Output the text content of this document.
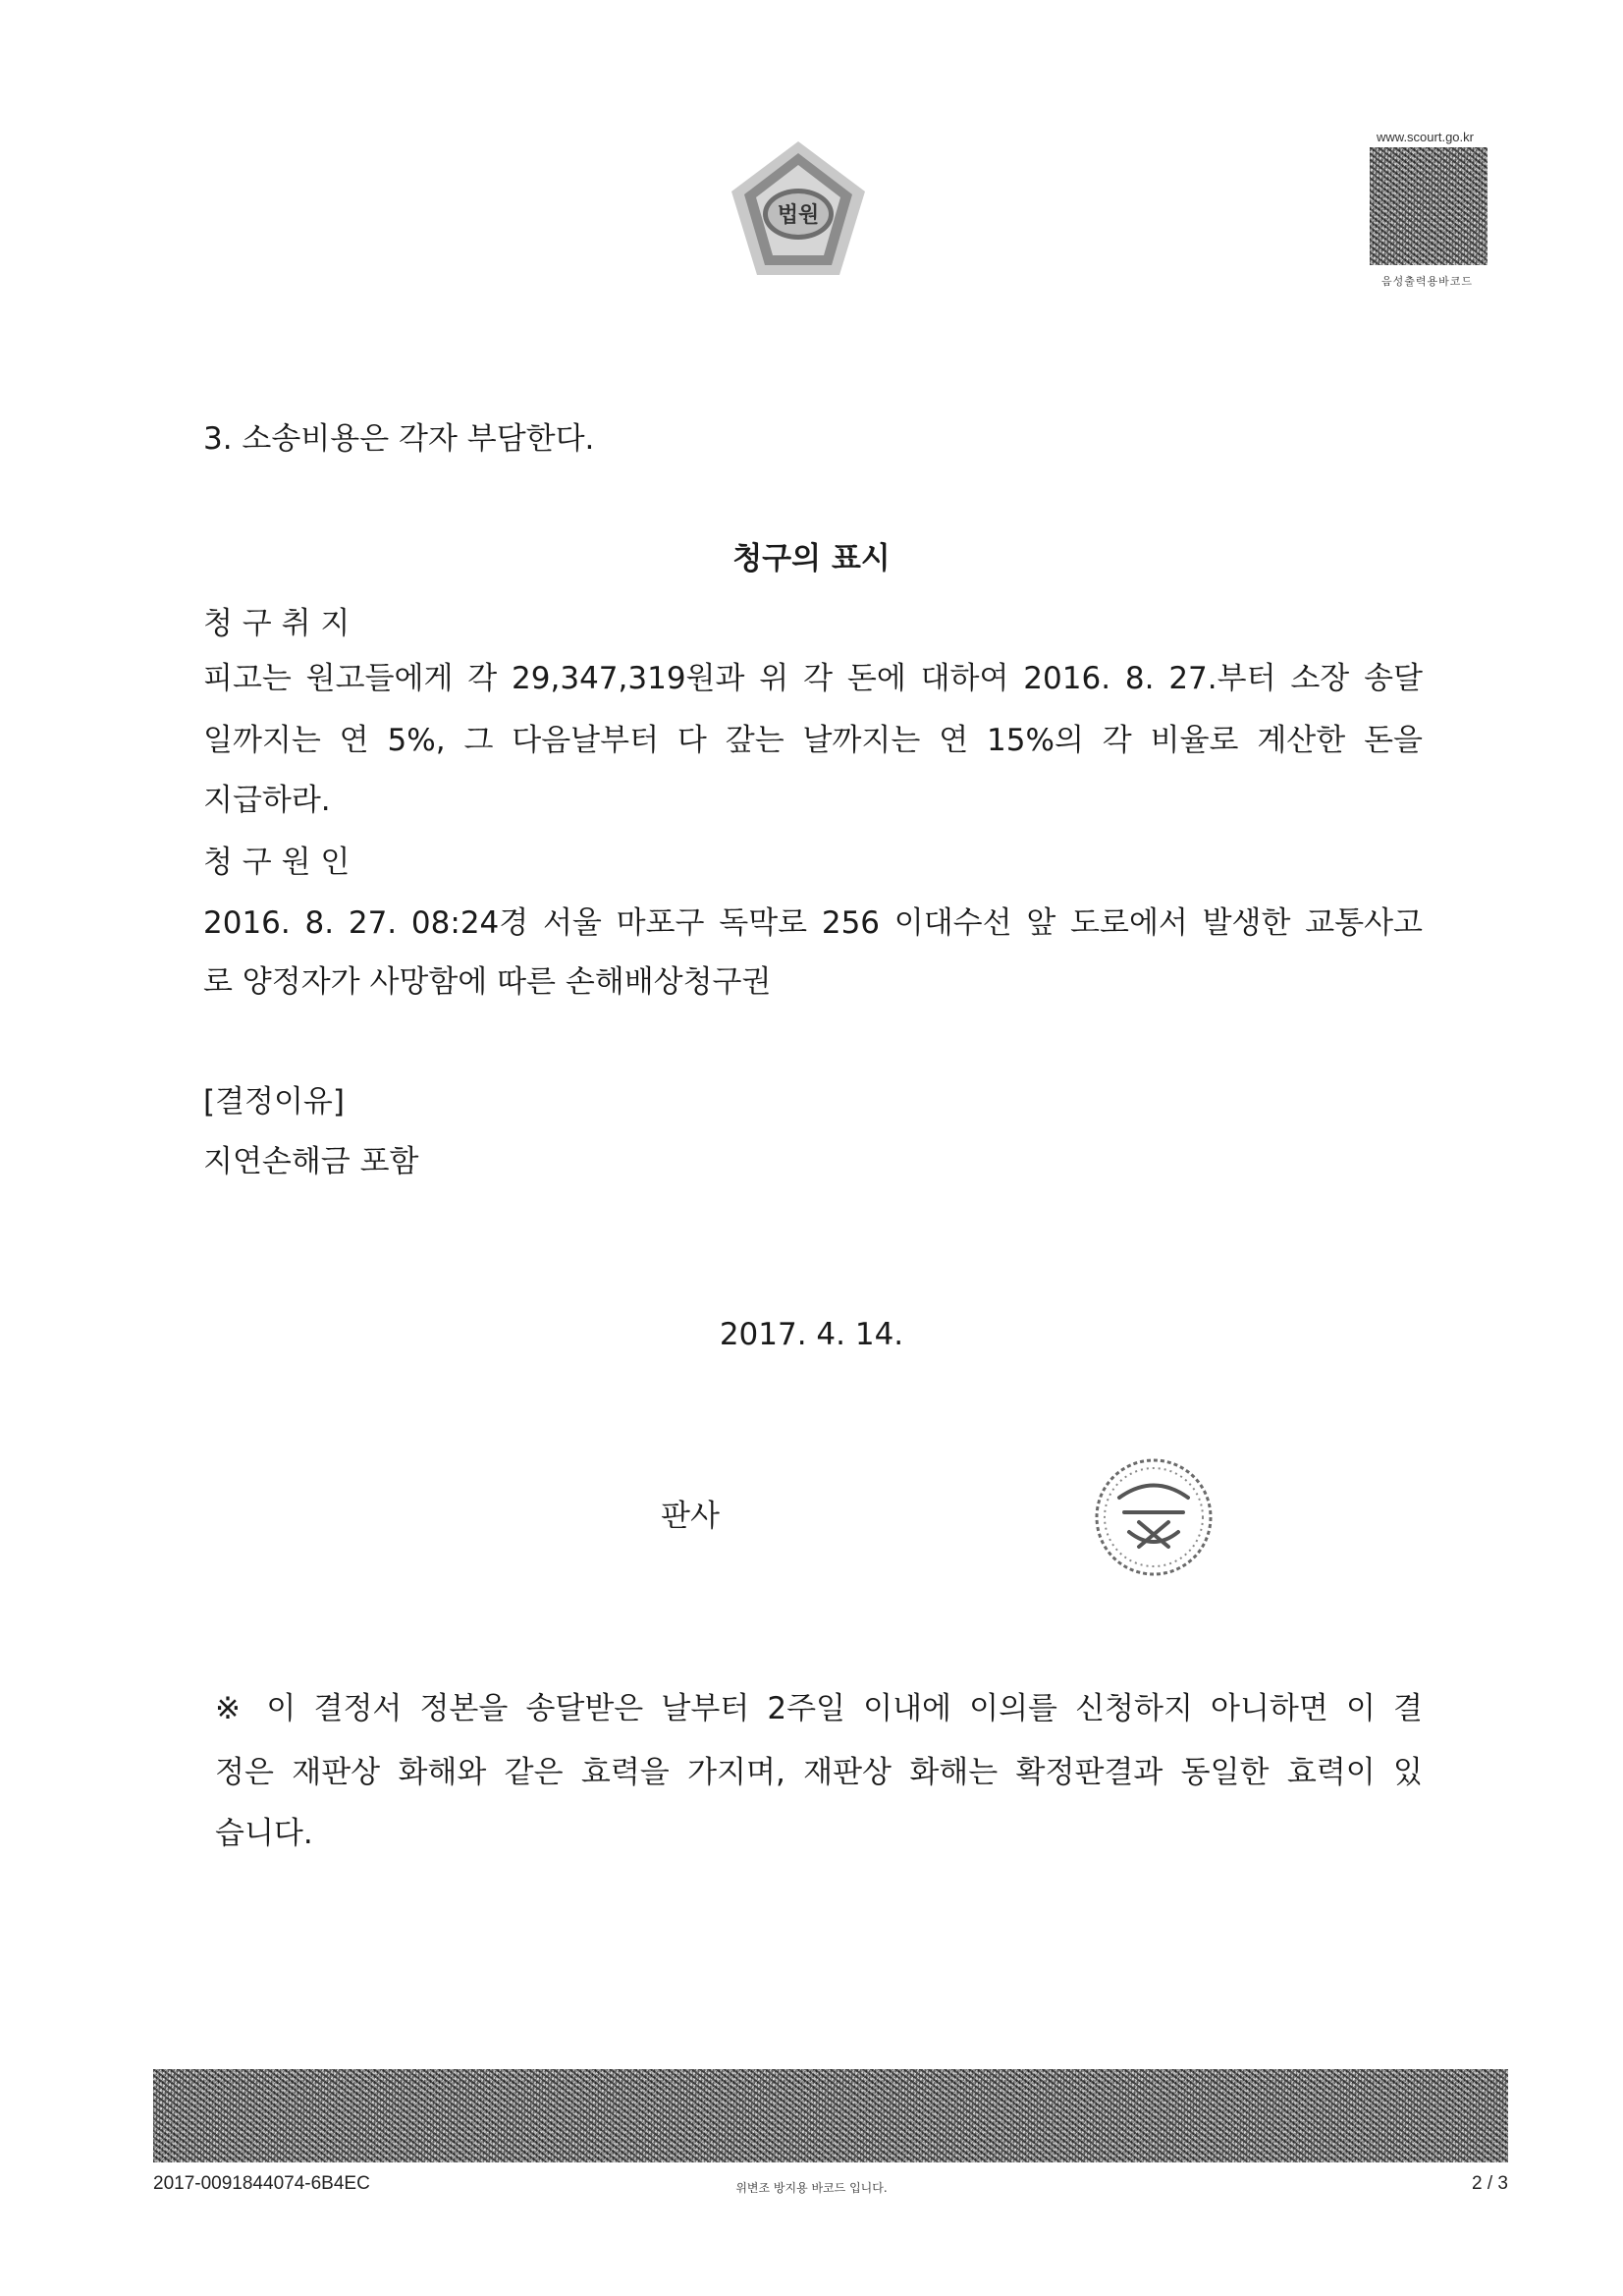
법원
www.scourt.go.kr
음성출력용바코드
3. 소송비용은 각자 부담한다.
청구의 표시
청 구 취 지
피고는 원고들에게 각 29,347,319원과 위 각 돈에 대하여 2016. 8. 27.부터 소장 송달
일까지는 연 5%, 그 다음날부터 다 갚는 날까지는 연 15%의 각 비율로 계산한 돈을
지급하라.
청 구 원 인
2016. 8. 27. 08:24경 서울 마포구 독막로 256 이대수선 앞 도로에서 발생한 교통사고
로 양정자가 사망함에 따른 손해배상청구권
[결정이유]
지연손해금 포함
2017. 4. 14.
판사
※ 이 결정서 정본을 송달받은 날부터 2주일 이내에 이의를 신청하지 아니하면 이 결
정은 재판상 화해와 같은 효력을 가지며, 재판상 화해는 확정판결과 동일한 효력이 있
습니다.
2017-0091844074-6B4EC	위변조 방지용 바코드 입니다.	2 / 3
